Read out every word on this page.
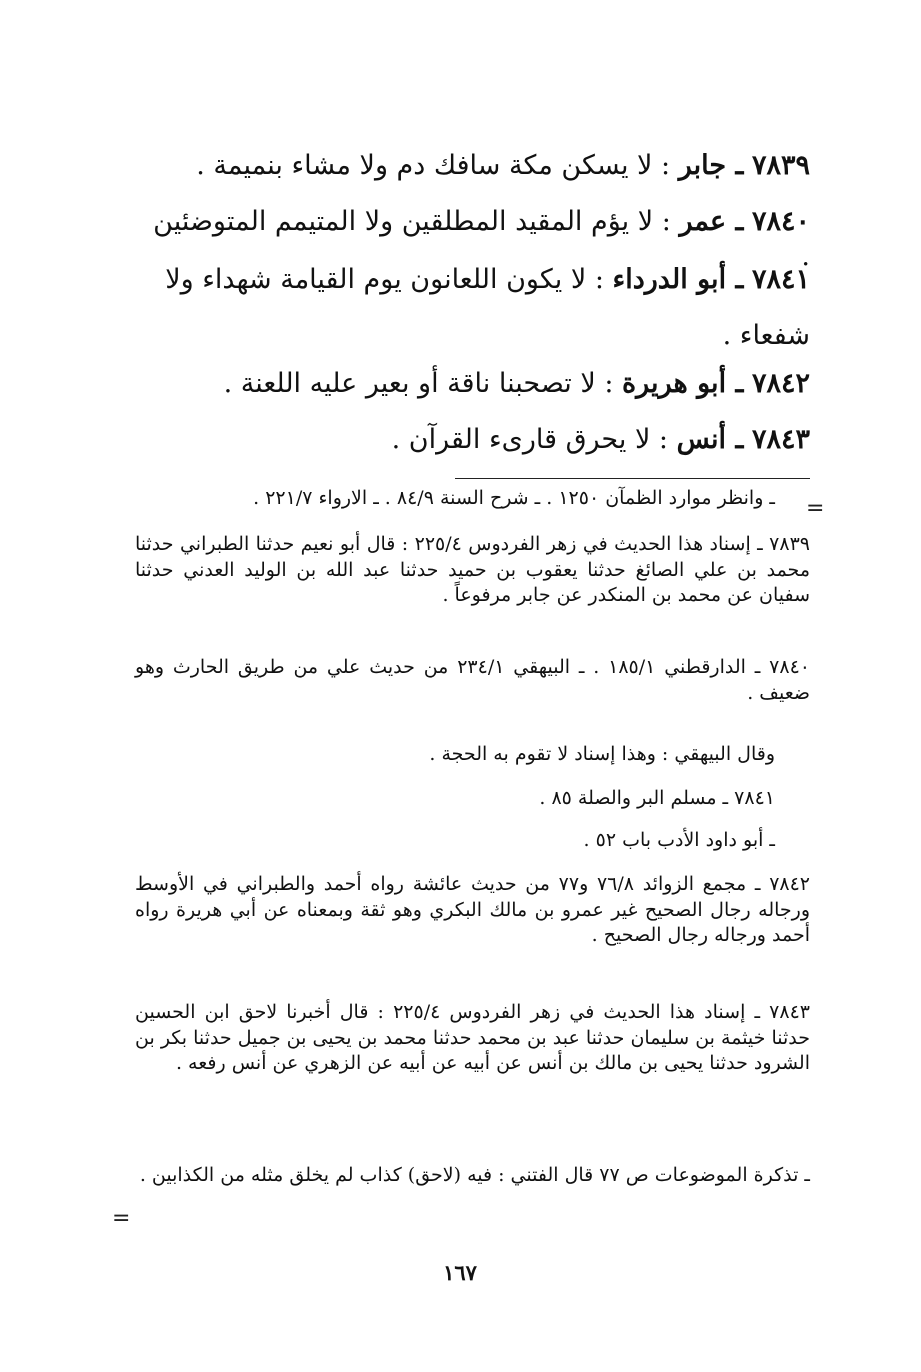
٧٨٣٩ ـ جابر : لا يسكن مكة سافك دم ولا مشاء بنميمة .
٧٨٤٠ ـ عمر : لا يؤم المقيد المطلقين ولا المتيمم المتوضئين .
٧٨٤١ ـ أبو الدرداء : لا يكون اللعانون يوم القيامة شهداء ولا
شفعاء .
٧٨٤٢ ـ أبو هريرة : لا تصحبنا ناقة أو بعير عليه اللعنة .
٧٨٤٣ ـ أنس : لا يحرق قارىء القرآن .
=
ـ وانظر موارد الظمآن ١٢٥٠ . ـ شرح السنة ٨٤/٩ . ـ الارواء ٢٢١/٧ .
٧٨٣٩ ـ إسناد هذا الحديث في زهر الفردوس ٢٢٥/٤ : قال أبو نعيم حدثنا الطبراني حدثنا محمد بن علي الصائغ حدثنا يعقوب بن حميد حدثنا عبد الله بن الوليد العدني حدثنا سفيان عن محمد بن المنكدر عن جابر مرفوعاً .
٧٨٤٠ ـ الدارقطني ١٨٥/١ . ـ البيهقي ٢٣٤/١ من حديث علي من طريق الحارث وهو ضعيف .
وقال البيهقي : وهذا إسناد لا تقوم به الحجة .
٧٨٤١ ـ مسلم البر والصلة ٨٥ .
ـ أبو داود الأدب باب ٥٢ .
٧٨٤٢ ـ مجمع الزوائد ٧٦/٨ و٧٧ من حديث عائشة رواه أحمد والطبراني في الأوسط ورجاله رجال الصحيح غير عمرو بن مالك البكري وهو ثقة وبمعناه عن أبي هريرة رواه أحمد ورجاله رجال الصحيح .
٧٨٤٣ ـ إسناد هذا الحديث في زهر الفردوس ٢٢٥/٤ : قال أخبرنا لاحق ابن الحسين حدثنا خيثمة بن سليمان حدثنا عبد بن محمد حدثنا محمد بن يحيى بن جميل حدثنا بكر بن الشرود حدثنا يحيى بن مالك بن أنس عن أبيه عن أبيه عن الزهري عن أنس رفعه .
ـ تذكرة الموضوعات ص ٧٧ قال الفتني : فيه (لاحق) كذاب لم يخلق مثله من الكذابين .
=
١٦٧
